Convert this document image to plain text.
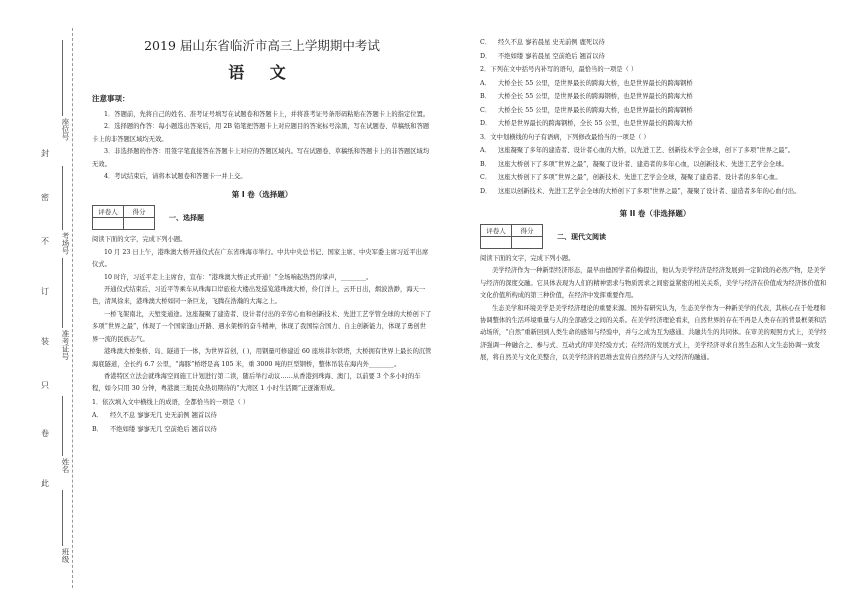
座位号
考场号
准考证号
姓名
班级
封
密
不
订
装
只
卷
此
2019 届山东省临沂市高三上学期期中考试
语 文
注意事项：

1．答题前，先将自己的姓名、准考证号填写在试题卷和答题卡上，并将准考证号条形码粘贴在答题卡上的指定位置。

2．选择题的作答：每小题选出答案后，用 2B 铅笔把答题卡上对应题目的答案标号涂黑，写在试题卷、草稿纸和答题卡上的非答题区域均无效。

3．非选择题的作答：用签字笔直接答在答题卡上对应的答题区域内。写在试题卷、草稿纸和答题卡上的非答题区域均无效。

4．考试结束后，请将本试题卷和答题卡一并上交。

第 I 卷（选择题）
评卷人	得分

一、选择题

阅读下面的文字，完成下列小题。

10 月 23 日上午，港珠澳大桥开通仪式在广东省珠海市举行。中共中央总书记、国家主席、中央军委主席习近平出席仪式。

10 时许，习近平走上主席台，宣布：“港珠澳大桥正式开通！”全场响起热烈的掌声，________。

开通仪式结束后，习近平等乘车从珠海口岸旅检大楼出发巡览港珠澳大桥，伶仃洋上，云开日出，烟波浩渺，海天一色，清风徐来，港珠澳大桥如同一条巨龙，飞腾在浩瀚的大海之上。

一桥飞架南北，天堑变通途。这座凝聚了建造者、设计者付出的辛劳心血和创新技术、先进工艺学管全球的大桥创下了多项“世界之最”，体现了一个国家逢山开路、遇水架桥的奋斗精神，体现了我国综合国力、自主创新能力，体现了勇创世界一流的民族志气。

港珠澳大桥集桥、岛、隧道于一体，为世界首创，( )，用钢量可修建近 60 座埃菲尔铁塔，大桥拥有世界上最长的沉管海底隧道，全长约 6.7 公里，“海豚”桥塔是高 105 米，重 3000 吨的巨型钢桥，整体吊装在海内外________。

香港特区立法会就珠海空间施工计划进行第二读，随后举行动议……从香港到珠海、澳门，以前要 3 个多小时的车程，如今只用 30 分钟，粤港澳三地民众热切期待的“大湾区 1 小时生活圈”正逐渐形成。

1．依次填入文中横线上的成语，全都恰当的一项是（ ）

A． 经久不息 寥寥无几 史无前例 翘首以待

B． 不绝如缕 寥寥无几 空前绝后 翘首以待

C． 经久不息 寥若晨星 史无前例 鹿死以待

D． 不绝如缕 寥若晨星 空前绝后 翘首以待

2．下列在文中括号内补写的语句，最恰当的一项是（ ）

A． 大桥全长 55 公里，是世界最长的跨海大桥，也是世界最长的跨海钢桥

B． 大桥全长 55 公里，是世界最长的跨海钢桥，也是世界最长的跨海大桥

C． 大桥全长 55 公里，是世界最长的跨海大桥，也是世界最长的跨海钢桥

D． 大桥是世界最长的跨海钢桥，全长 55 公里，也是世界最长的跨海大桥

3．文中划横线的句子有语病，下列修改最恰当的一项是（ ）

A． 这座凝聚了多年的建造者、设计者心血的大桥，以先进工艺、创新技术学会全球，创下了多项“世界之最”。

B． 这座大桥创下了多项“世界之最”，凝聚了设计者、建造者的多年心血，以创新技术、先进工艺学会全球。

C． 这座大桥创下了多项“世界之最”，创新技术、先进工艺学会全球，凝聚了建造者、设计者的多年心血。

D． 这座以创新技术、先进工艺学会全球的大桥创下了多项“世界之最”，凝聚了设计者、建造者多年的心血付出。

第 II 卷（非选择题）
评卷人	得分

二、现代文阅读

阅读下面的文字，完成下列小题。

美学经济作为一种新型经济形态，最早由德国学者伯梅提出，他认为美学经济是经济发展到一定阶段的必然产物，是美学与经济的深度交融。它具体表现为人们的精神需求与物质需求之间密益紧密的相关关系，美学与经济在价值成为经济体价值和文化价值所构成的第三种价值，在经济中发挥重要作用。

生态美学和环境美学是美学经济理论的重要来源。国外有研究认为，生态美学作为一种新美学的代表，其核心在于处理和协调整体的生活环境重量与人的全部感受之间的关系。在美学经济理论看来，自然世界的存在不再是人类存在的背景框架和活动场所，“自然”重新回到人类生命的感知与经验中，并与之成为互为感通、共融共生的共同体。在审美的观照方式上，美学经济强调一种融合之、参与式、互动式的审美经验方式；在经济的发展方式上，美学经济寻求自然生态和人文生态协调一致发展，将自然美与文化美整合，以美学经济的思维去宣传自然经济与人文经济的融通。
